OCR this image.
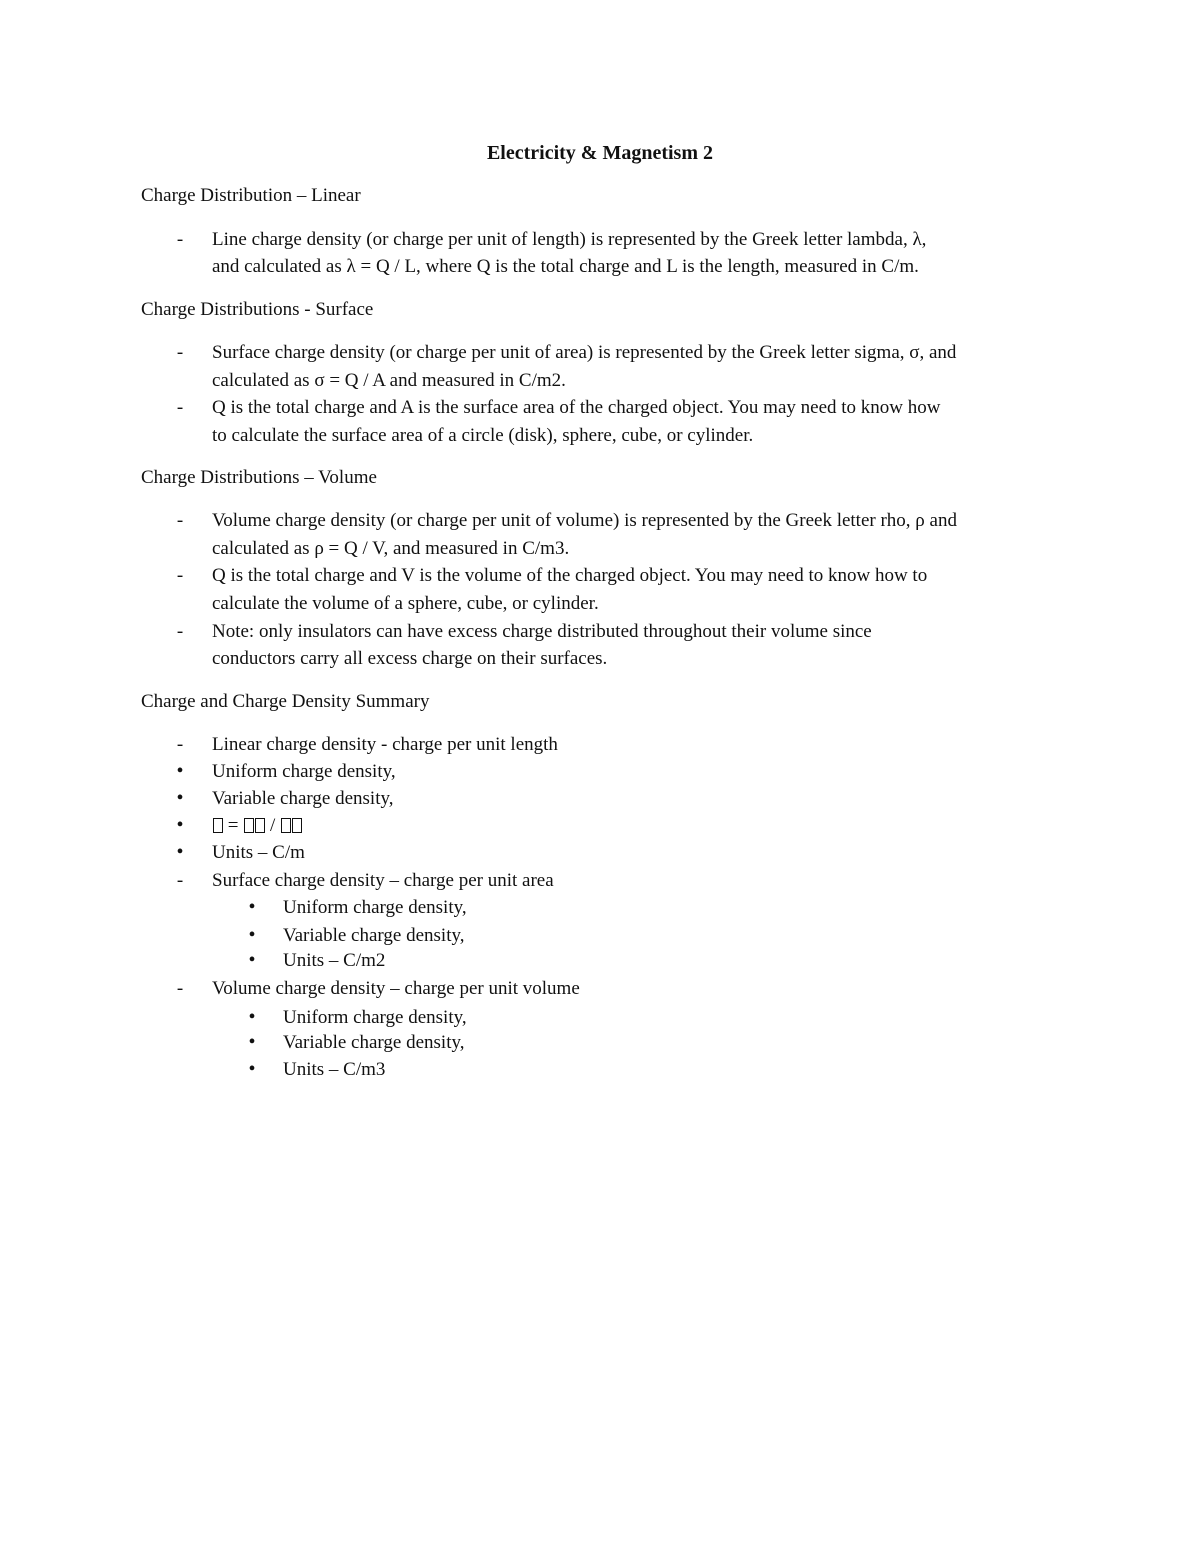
Electricity & Magnetism 2
Charge Distribution – Linear
-	Line charge density (or charge per unit of length) is represented by the Greek letter lambda, λ,
and calculated as λ = Q / L, where Q is the total charge and L is the length, measured in C/m.
Charge Distributions - Surface
-	Surface charge density (or charge per unit of area) is represented by the Greek letter sigma, σ, and
calculated as σ = Q / A and measured in C/m2.
-	Q is the total charge and A is the surface area of the charged object. You may need to know how
to calculate the surface area of a circle (disk), sphere, cube, or cylinder.
Charge Distributions – Volume
-	Volume charge density (or charge per unit of volume) is represented by the Greek letter rho, ρ and
calculated as ρ = Q / V, and measured in C/m3.
-	Q is the total charge and V is the volume of the charged object. You may need to know how to
calculate the volume of a sphere, cube, or cylinder.
-	Note: only insulators can have excess charge distributed throughout their volume since
conductors carry all excess charge on their surfaces.
Charge and Charge Density Summary
-	Linear charge density - charge per unit length
•	Uniform charge density,
•	Variable charge density,
•	= /
•	Units – C/m
-	Surface charge density – charge per unit area
•	Uniform charge density,
•	Variable charge density,
•	Units – C/m2
-	Volume charge density – charge per unit volume
•	Uniform charge density,
•	Variable charge density,
•	Units – C/m3
